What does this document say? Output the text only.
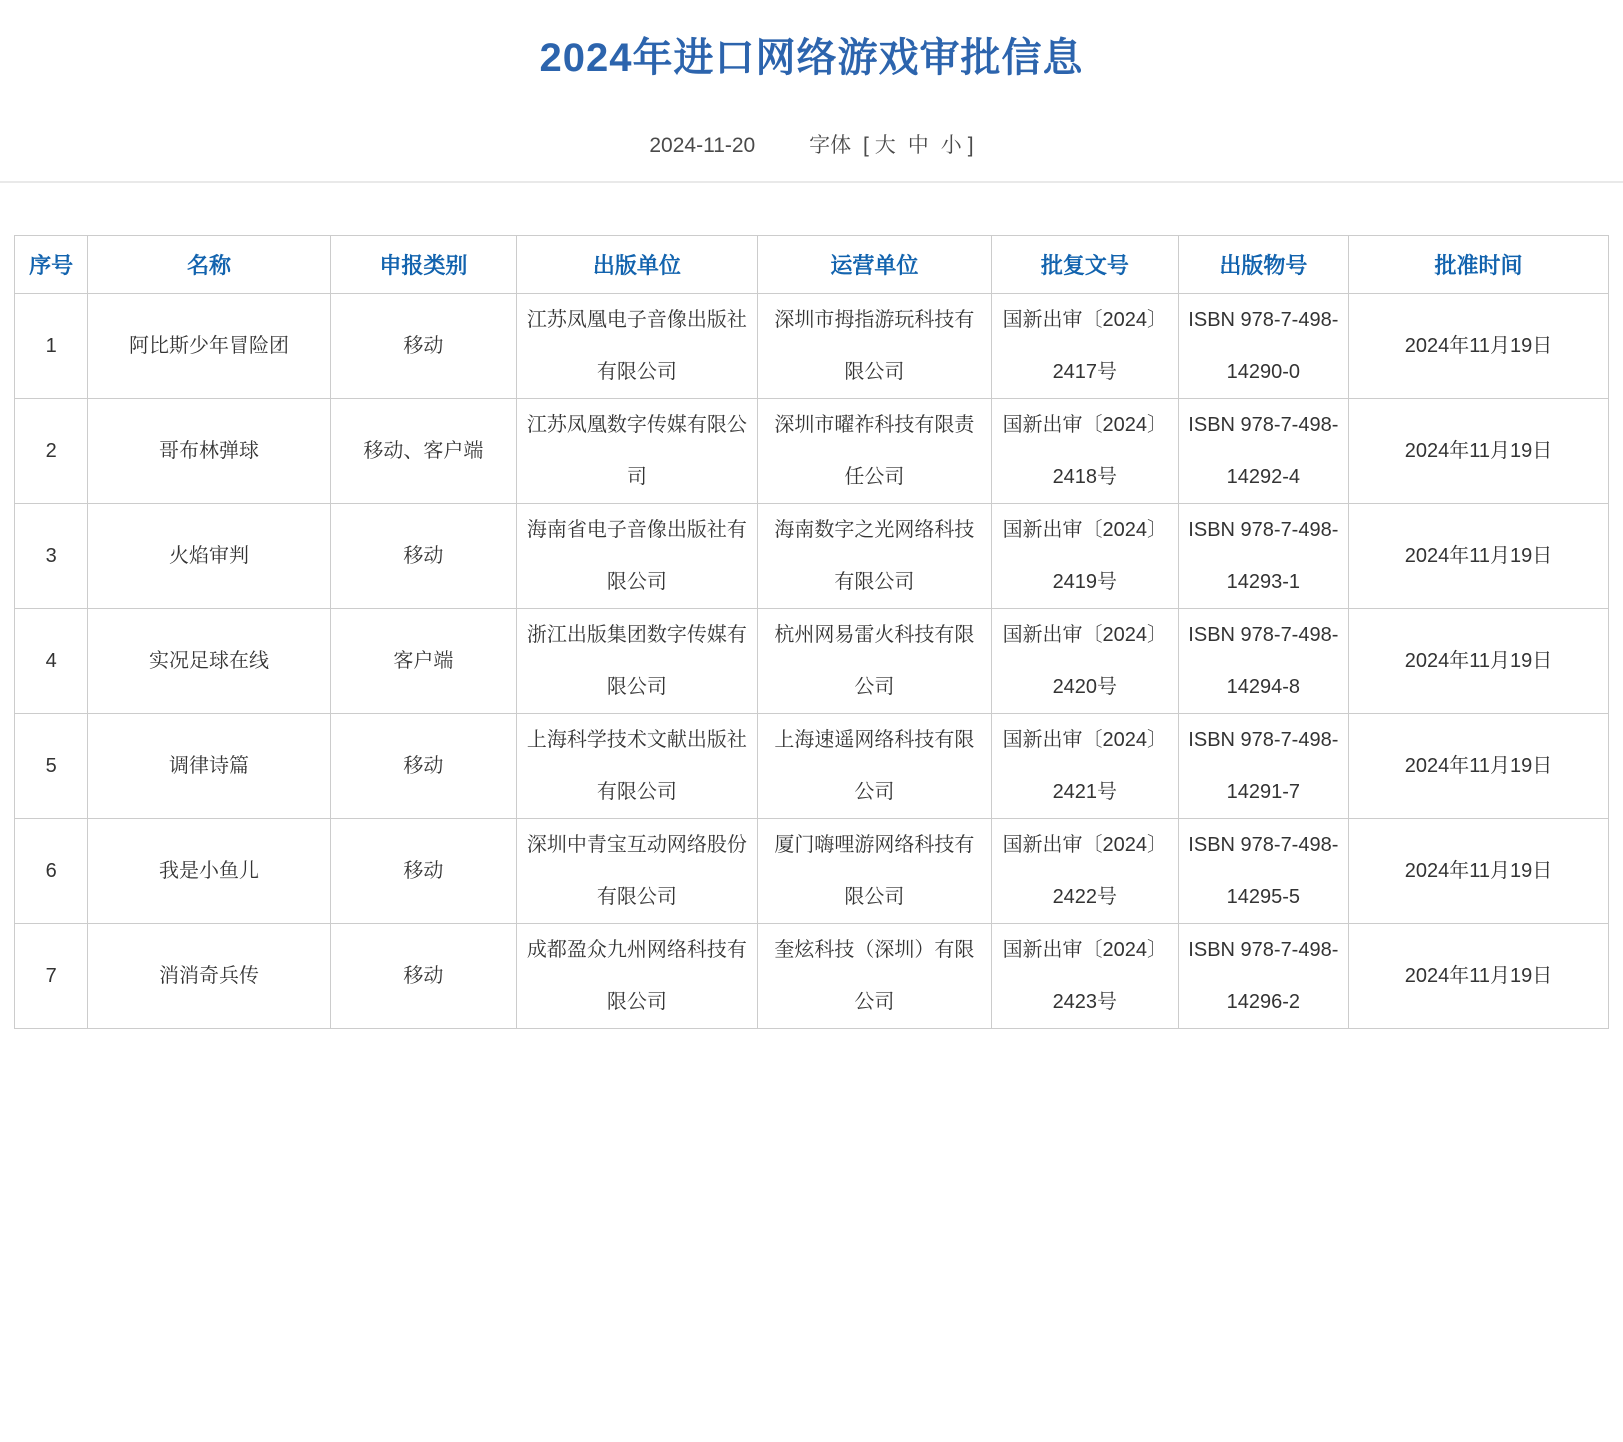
2024年进口网络游戏审批信息
2024-11-20	字体 [ 大 中 小 ]
序号	名称	申报类别	出版单位	运营单位	批复文号	出版物号	批准时间
1	阿比斯少年冒险团	移动	江苏凤凰电子音像出版社有限公司	深圳市拇指游玩科技有限公司	国新出审〔2024〕2417号	ISBN 978-7-498-14290-0	2024年11月19日
2	哥布林弹球	移动、客户端	江苏凤凰数字传媒有限公司	深圳市曜祚科技有限责任公司	国新出审〔2024〕2418号	ISBN 978-7-498-14292-4	2024年11月19日
3	火焰审判	移动	海南省电子音像出版社有限公司	海南数字之光网络科技有限公司	国新出审〔2024〕2419号	ISBN 978-7-498-14293-1	2024年11月19日
4	实况足球在线	客户端	浙江出版集团数字传媒有限公司	杭州网易雷火科技有限公司	国新出审〔2024〕2420号	ISBN 978-7-498-14294-8	2024年11月19日
5	调律诗篇	移动	上海科学技术文献出版社有限公司	上海速遥网络科技有限公司	国新出审〔2024〕2421号	ISBN 978-7-498-14291-7	2024年11月19日
6	我是小鱼儿	移动	深圳中青宝互动网络股份有限公司	厦门嗨哩游网络科技有限公司	国新出审〔2024〕2422号	ISBN 978-7-498-14295-5	2024年11月19日
7	消消奇兵传	移动	成都盈众九州网络科技有限公司	奎炫科技（深圳）有限公司	国新出审〔2024〕2423号	ISBN 978-7-498-14296-2	2024年11月19日
